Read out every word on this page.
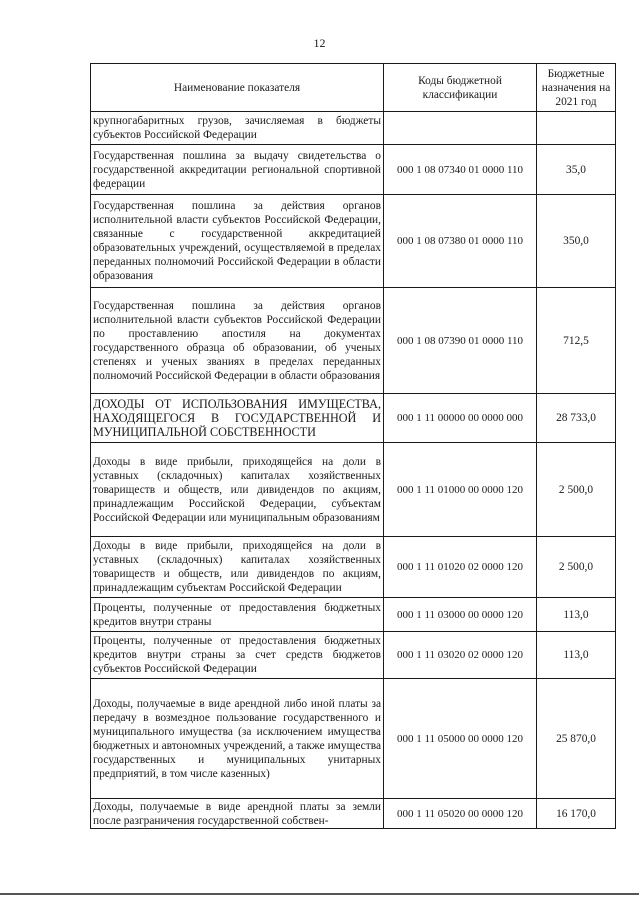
12
Наименование показателя	Коды бюджетной классификации	Бюджетные назначения на 2021 год
крупногабаритных грузов, зачисляемая в бюджеты субъектов Российской Федерации		
Государственная пошлина за выдачу свидетельства о государственной аккредитации региональной спортивной федерации	000 1 08 07340 01 0000 110	35,0
Государственная пошлина за действия органов исполнительной власти субъектов Российской Федерации, связанные с государственной аккредитацией образовательных учреждений, осуществляемой в пределах переданных полномочий Российской Федерации в области образования	000 1 08 07380 01 0000 110	350,0
Государственная пошлина за действия органов исполнительной власти субъектов Российской Федерации по проставлению апостиля на документах государственного образца об образовании, об ученых степенях и ученых званиях в пределах переданных полномочий Российской Федерации в области образования	000 1 08 07390 01 0000 110	712,5
ДОХОДЫ ОТ ИСПОЛЬЗОВАНИЯ ИМУЩЕСТВА, НАХОДЯЩЕГОСЯ В ГОСУДАРСТВЕННОЙ И МУНИЦИПАЛЬНОЙ СОБСТВЕННОСТИ	000 1 11 00000 00 0000 000	28 733,0
Доходы в виде прибыли, приходящейся на доли в уставных (складочных) капиталах хозяйственных товариществ и обществ, или дивидендов по акциям, принадлежащим Российской Федерации, субъектам Российской Федерации или муниципальным образованиям	000 1 11 01000 00 0000 120	2 500,0
Доходы в виде прибыли, приходящейся на доли в уставных (складочных) капиталах хозяйственных товариществ и обществ, или дивидендов по акциям, принадлежащим субъектам Российской Федерации	000 1 11 01020 02 0000 120	2 500,0
Проценты, полученные от предоставления бюджетных кредитов внутри страны	000 1 11 03000 00 0000 120	113,0
Проценты, полученные от предоставления бюджетных кредитов внутри страны за счет средств бюджетов субъектов Российской Федерации	000 1 11 03020 02 0000 120	113,0
Доходы, получаемые в виде арендной либо иной платы за передачу в возмездное пользование государственного и муниципального имущества (за исключением имущества бюджетных и автономных учреждений, а также имущества государственных и муниципальных унитарных предприятий, в том числе казенных)	000 1 11 05000 00 0000 120	25 870,0
Доходы, получаемые в виде арендной платы за земли после разграничения государственной собствен-	000 1 11 05020 00 0000 120	16 170,0
